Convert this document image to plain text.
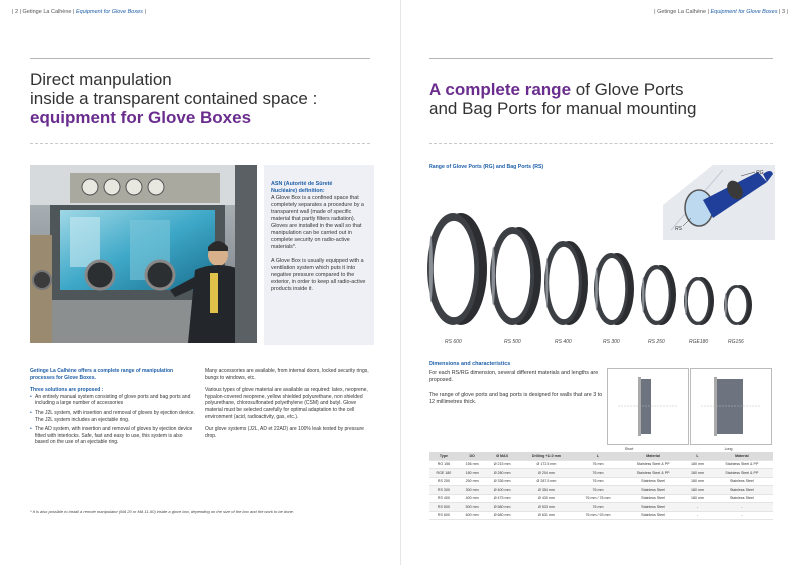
| 2 | Getinge La Calhène | Equipment for Glove Boxes |
Direct manpulation
inside a transparent contained space :
equipment for Glove Boxes
ASN (Autorité de Sûreté
Nucléaire) definition:
A Glove Box is a confined space that completely separates a procedure by a transparent wall (made of specific material that partly filters radiation). Gloves are installed in the wall so that manipulation can be carried out in complete security on radio-active materials*.
A Glove Box is usually equipped with a ventilation system which puts it into negative pressure compared to the exterior, in order to keep all radio-active products inside it.
Getinge La Calhène offers a complete range of manipulation processes for Glove Boxes.
Three solutions are proposed :
• An entirely manual system consisting of glove ports and bag ports and including a large number of accessories
• The J2L system, with insertion and removal of gloves by ejection device. The J2L system includes an ejectable ring.
• The AD system, with insertion and removal of gloves by ejection device fitted with interlocks. Safe, fast and easy to use, this system is also based on the use of an ejectable ring.
Many accessories are available, from internal doors, locked security rings, bungs to windows, etc.
Various types of glove material are available as required: latex, neoprene, hypalon-covered neoprene, yellow shielded polyurethane, non shielded polyurethane, chlorosulfonated polyethylene (CSM) and butyl. Glove material must be selected carefully for optimal adaptation to the cell environment (acid, radioactivity, gas, etc.).
Our glove systems (J2L, AD et 22AD) are 100% leak tested by pressure drop.
* It is also possible to install a remote manipulator (MA 20 or MA 11-60) inside a glove box, depending on the size of the box and the work to be done.
| Getinge La Calhène | Equipment for Glove Boxes | 3 |
A complete range of Glove Ports
and Bag Ports for manual mounting
Range of Glove Ports (RG) and Bag Ports (RS)
RG
RS
RS 600	RS 500	RS 400	RS 300	RS 250	RGE180	RG156
Dimensions and characteristics
For each RS/RG dimension, several different materials and lengths are proposed.
The range of glove ports and bag ports is designed for walls that are 3 to 12 millimetres thick.
				Short		Long	
Type	DO	Ø MAX	Drilling +1/-0 mm	L	Material	L	Material
RG 156	156 mm	Ø 215 mm	Ø 172.5 mm	76 mm	Stainless Steel & PP	180 mm	Stainless Steel & PP
RGE 180	180 mm	Ø 280 mm	Ø 204 mm	76 mm	Stainless Steel & PP	180 mm	Stainless Steel & PP
RS 250	250 mm	Ø 336 mm	Ø 287.5 mm	76 mm	Stainless Steel	180 mm	Stainless Steel
RS 300	300 mm	Ø 400 mm	Ø 354 mm	76 mm	Stainless Steel	180 mm	Stainless Steel
RS 400	400 mm	Ø 475 mm	Ø 430 mm	76 mm / 78 mm	Stainless Steel	180 mm	Stainless Steel
RS 500	500 mm	Ø 580 mm	Ø 533 mm	76 mm	Stainless Steel	-	-
RS 600	600 mm	Ø 680 mm	Ø 631 mm	76 mm / 93 mm	Stainless Steel	-	-
